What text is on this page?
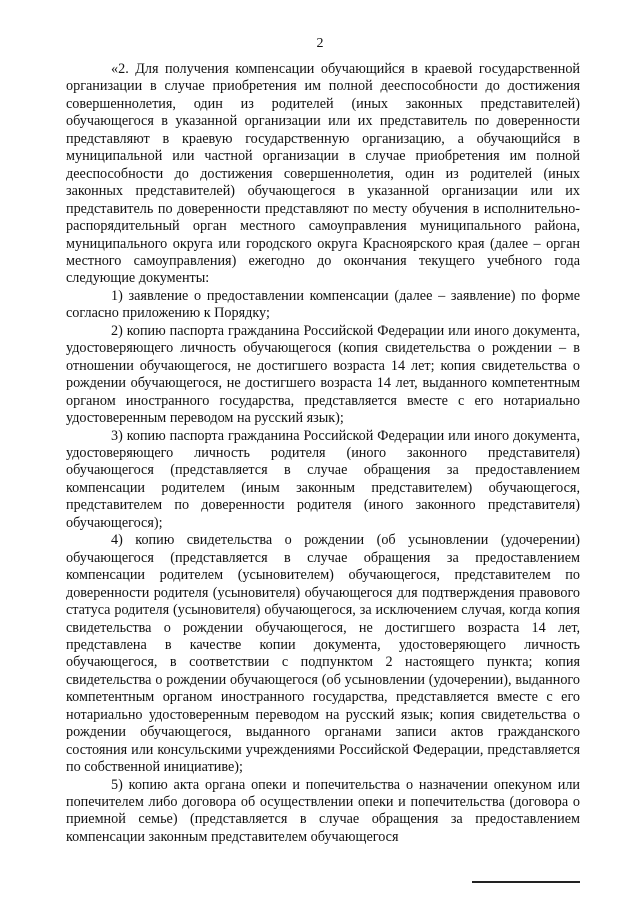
2

«2. Для получения компенсации обучающийся в краевой государственной организации в случае приобретения им полной дееспособности до достижения совершеннолетия, один из родителей (иных законных представителей) обучающегося в указанной организации или их представитель по доверенности представляют в краевую государственную организацию, а обучающийся в муниципальной или частной организации в случае приобретения им полной дееспособности до достижения совершеннолетия, один из родителей (иных законных представителей) обучающегося в указанной организации или их представитель по доверенности представляют по месту обучения в исполнительно-распорядительный орган местного самоуправления муниципального района, муниципального округа или городского округа Красноярского края (далее – орган местного самоуправления) ежегодно до окончания текущего учебного года следующие документы:

1) заявление о предоставлении компенсации (далее – заявление) по форме согласно приложению к Порядку;

2) копию паспорта гражданина Российской Федерации или иного документа, удостоверяющего личность обучающегося (копия свидетельства о рождении – в отношении обучающегося, не достигшего возраста 14 лет; копия свидетельства о рождении обучающегося, не достигшего возраста 14 лет, выданного компетентным органом иностранного государства, представляется вместе с его нотариально удостоверенным переводом на русский язык);

3) копию паспорта гражданина Российской Федерации или иного документа, удостоверяющего личность родителя (иного законного представителя) обучающегося (представляется в случае обращения за предоставлением компенсации родителем (иным законным представителем) обучающегося, представителем по доверенности родителя (иного законного представителя) обучающегося);

4) копию свидетельства о рождении (об усыновлении (удочерении) обучающегося (представляется в случае обращения за предоставлением компенсации родителем (усыновителем) обучающегося, представителем по доверенности родителя (усыновителя) обучающегося для подтверждения правового статуса родителя (усыновителя) обучающегося, за исключением случая, когда копия свидетельства о рождении обучающегося, не достигшего возраста 14 лет, представлена в качестве копии документа, удостоверяющего личность обучающегося, в соответствии с подпунктом 2 настоящего пункта; копия свидетельства о рождении обучающегося (об усыновлении (удочерении), выданного компетентным органом иностранного государства, представляется вместе с его нотариально удостоверенным переводом на русский язык; копия свидетельства о рождении обучающегося, выданного органами записи актов гражданского состояния или консульскими учреждениями Российской Федерации, представляется по собственной инициативе);

5) копию акта органа опеки и попечительства о назначении опекуном или попечителем либо договора об осуществлении опеки и попечительства (договора о приемной семье) (представляется в случае обращения за предоставлением компенсации законным представителем обучающегося
